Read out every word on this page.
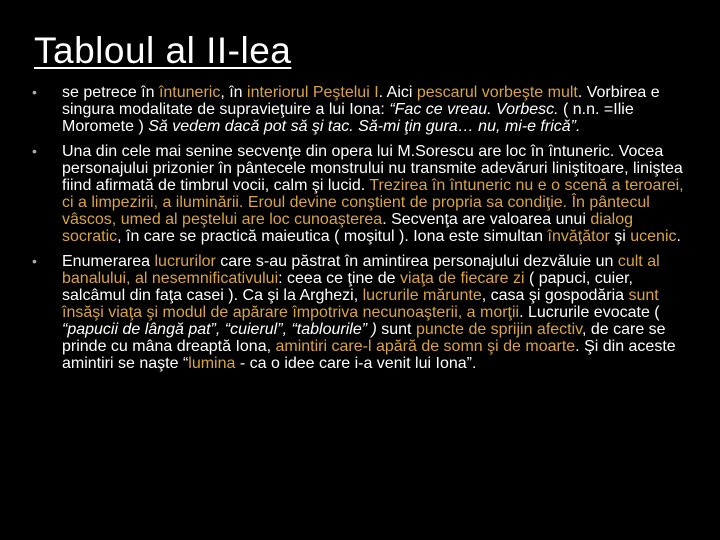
Tabloul al II-lea
• se petrece în întuneric, în interiorul Peştelui I. Aici pescarul vorbeşte mult. Vorbirea e singura modalitate de supravieţuire a lui Iona: “Fac ce vreau. Vorbesc. ( n.n. =Ilie Moromete ) Să vedem dacă pot să şi tac. Să-mi ţin gura… nu, mi-e frică”.
• Una din cele mai senine secvenţe din opera lui M.Sorescu are loc în întuneric. Vocea personajului prizonier în pântecele monstrului nu transmite adevăruri liniştitoare, liniştea fiind afirmată de timbrul vocii, calm şi lucid. Trezirea în întuneric nu e o scenă a teroarei, ci a limpezirii, a iluminării. Eroul devine conştient de propria sa condiţie. În pântecul vâscos, umed al peştelui are loc cunoaşterea. Secvenţa are valoarea unui dialog socratic, în care se practică maieutica ( moşitul ). Iona este simultan învăţător şi ucenic.
• Enumerarea lucrurilor care s-au păstrat în amintirea personajului dezvăluie un cult al banalului, al nesemnificativului: ceea ce ţine de viaţa de fiecare zi ( papuci, cuier, salcâmul din faţa casei ). Ca şi la Arghezi, lucrurile mărunte, casa şi gospodăria sunt însăşi viaţa şi modul de apărare împotriva necunoaşterii, a morţii. Lucrurile evocate ( “papucii de lângă pat”, “cuierul”, “tablourile” ) sunt puncte de sprijin afectiv, de care se prinde cu mâna dreaptă Iona, amintiri care-l apără de somn şi de moarte. Şi din aceste amintiri se naşte “lumina - ca o idee care i-a venit lui Iona”.
